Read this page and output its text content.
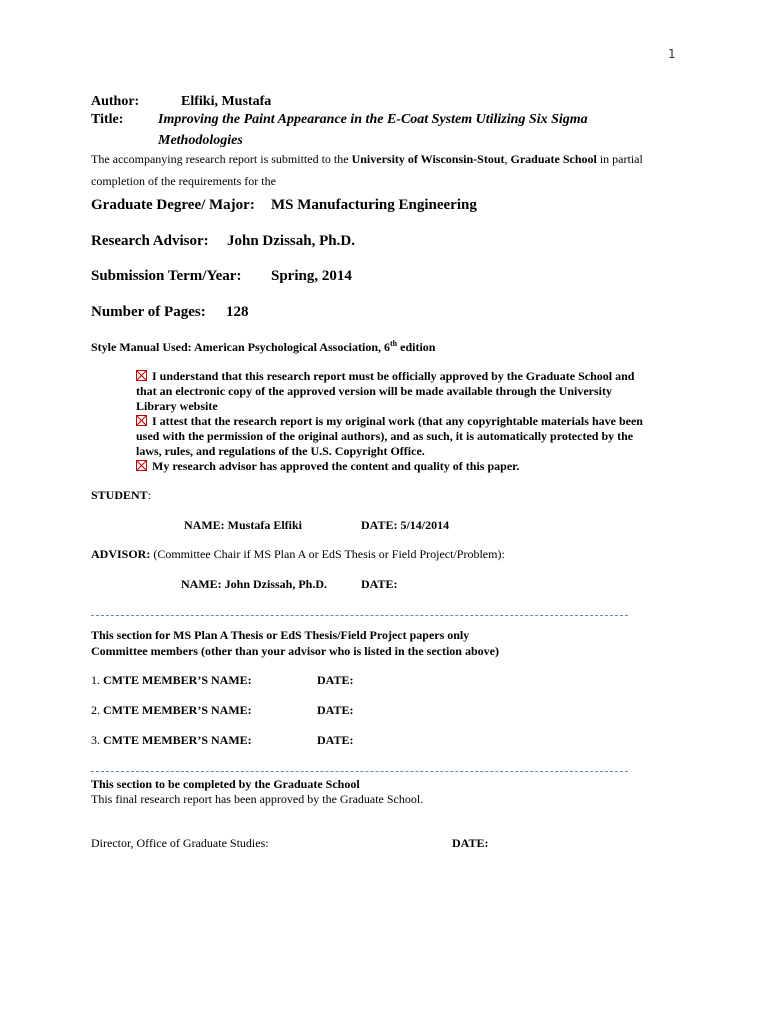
1
Author:	Elfiki, Mustafa
Title: Improving the Paint Appearance in the E-Coat System Utilizing Six Sigma
Methodologies
The accompanying research report is submitted to the University of Wisconsin-Stout, Graduate School in partial
completion of the requirements for the
Graduate Degree/ Major: MS Manufacturing Engineering
Research Advisor: John Dzissah, Ph.D.
Submission Term/Year: Spring, 2014
Number of Pages: 128
Style Manual Used: American Psychological Association, 6th edition
I understand that this research report must be officially approved by the Graduate School and
that an electronic copy of the approved version will be made available through the University
Library website
I attest that the research report is my original work (that any copyrightable materials have been
used with the permission of the original authors), and as such, it is automatically protected by the
laws, rules, and regulations of the U.S. Copyright Office.
My research advisor has approved the content and quality of this paper.
STUDENT:
NAME: Mustafa Elfiki	DATE: 5/14/2014
ADVISOR: (Committee Chair if MS Plan A or EdS Thesis or Field Project/Problem):
NAME: John Dzissah, Ph.D.	DATE:
This section for MS Plan A Thesis or EdS Thesis/Field Project papers only
Committee members (other than your advisor who is listed in the section above)
1. CMTE MEMBER’S NAME:	DATE:
2. CMTE MEMBER’S NAME:	DATE:
3. CMTE MEMBER’S NAME:	DATE:
This section to be completed by the Graduate School
This final research report has been approved by the Graduate School.
Director, Office of Graduate Studies:	DATE:
